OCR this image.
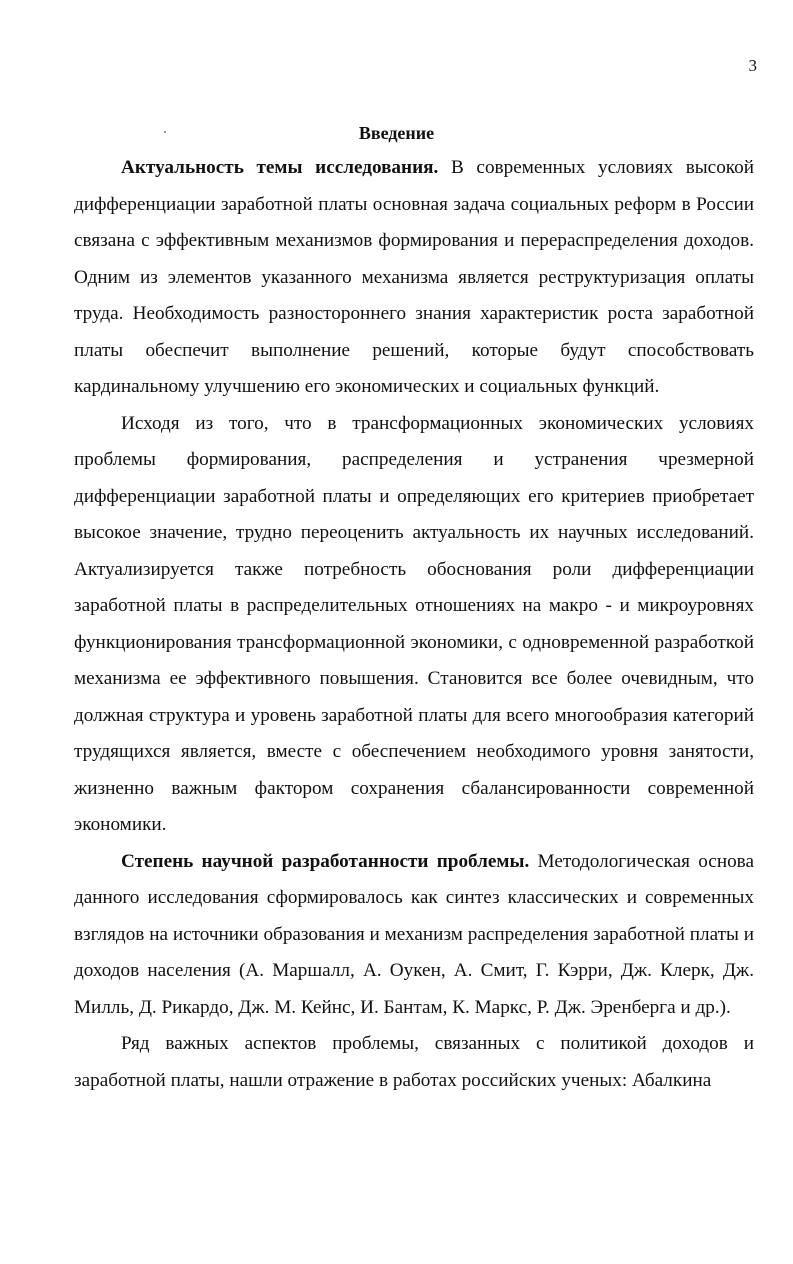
3
Введение

Актуальность темы исследования. В современных условиях высокой дифференциации заработной платы основная задача социальных реформ в России связана с эффективным механизмов формирования и перераспределения доходов. Одним из элементов указанного механизма является реструктуризация оплаты труда. Необходимость разностороннего знания характеристик роста заработной платы обеспечит выполнение решений, которые будут способствовать кардинальному улучшению его экономических и социальных функций.

Исходя из того, что в трансформационных экономических условиях проблемы формирования, распределения и устранения чрезмерной дифференциации заработной платы и определяющих его критериев приобретает высокое значение, трудно переоценить актуальность их научных исследований. Актуализируется также потребность обоснования роли дифференциации заработной платы в распределительных отношениях на макро - и микроуровнях функционирования трансформационной экономики, с одновременной разработкой механизма ее эффективного повышения. Становится все более очевидным, что должная структура и уровень заработной платы для всего многообразия категорий трудящихся является, вместе с обеспечением необходимого уровня занятости, жизненно важным фактором сохранения сбалансированности современной экономики.

Степень научной разработанности проблемы. Методологическая основа данного исследования сформировалось как синтез классических и современных взглядов на источники образования и механизм распределения заработной платы и доходов населения (А. Маршалл, А. Оукен, А. Смит, Г. Кэрри, Дж. Клерк, Дж. Милль, Д. Рикардо, Дж. М. Кейнс, И. Бантам, К. Маркс, Р. Дж. Эренберга и др.).

Ряд важных аспектов проблемы, связанных с политикой доходов и заработной платы, нашли отражение в работах российских ученых: Абалкина
